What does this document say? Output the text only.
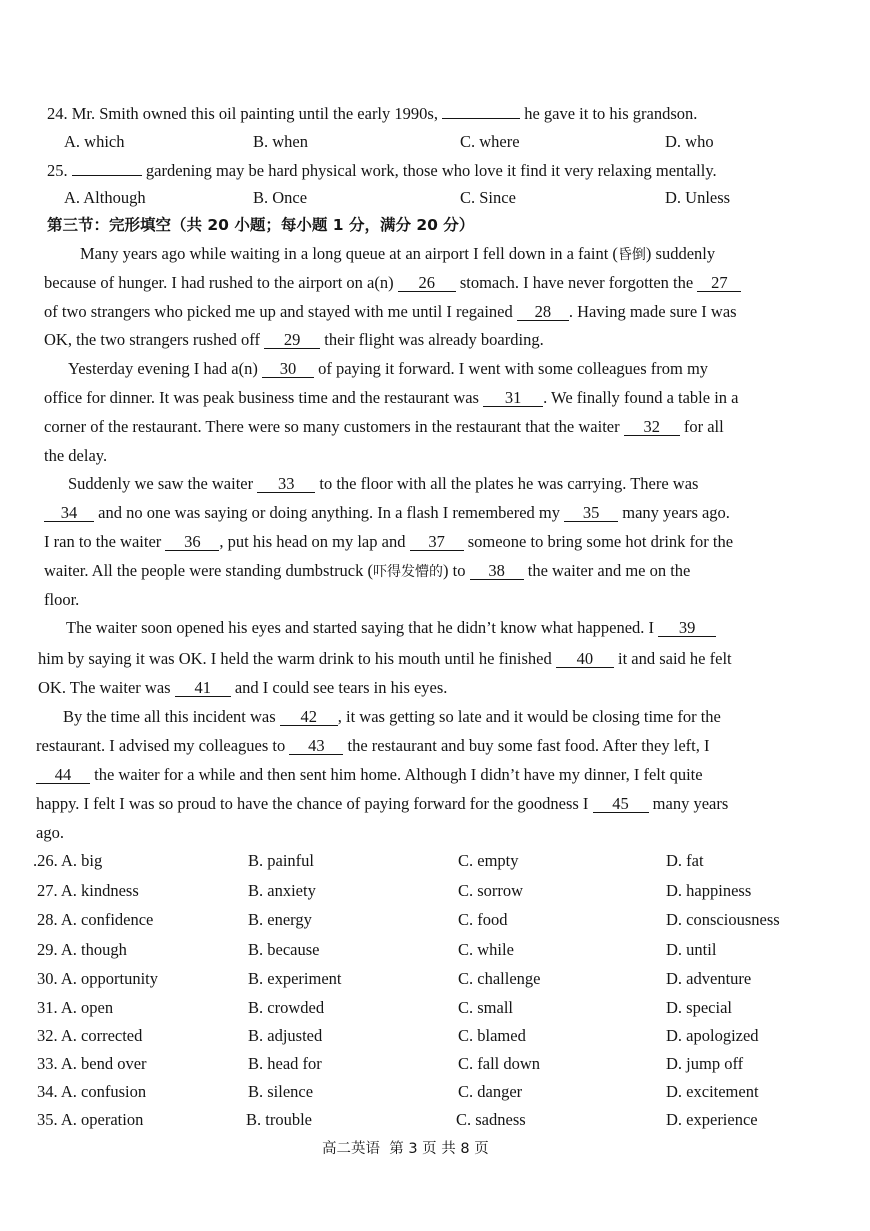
24. Mr. Smith owned this oil painting until the early 1990s,	he gave it to his grandson.
A. which	B. when	C. where	D. who
25.	gardening may be hard physical work, those who love it find it very relaxing mentally.
A. Although	B. Once	C. Since	D. Unless
第三节：完形填空（共 20 小题；每小题 1 分，满分 20 分）
Many years ago while waiting in a long queue at an airport I fell down in a faint (昏倒) suddenly
because of hunger. I had rushed to the airport on a(n) 26 stomach. I have never forgotten the 27
of two strangers who picked me up and stayed with me until I regained 28 . Having made sure I was
OK, the two strangers rushed off 29 their flight was already boarding.
Yesterday evening I had a(n) 30 of paying it forward. I went with some colleagues from my
office for dinner. It was peak business time and the restaurant was 31 . We finally found a table in a
corner of the restaurant. There were so many customers in the restaurant that the waiter 32 for all
the delay.
Suddenly we saw the waiter 33 to the floor with all the plates he was carrying. There was
34 and no one was saying or doing anything. In a flash I remembered my 35 many years ago.
I ran to the waiter 36 , put his head on my lap and 37 someone to bring some hot drink for the
waiter. All the people were standing dumbstruck (吓得发懵的) to 38 the waiter and me on the
floor.
The waiter soon opened his eyes and started saying that he didn’t know what happened. I 39
him by saying it was OK. I held the warm drink to his mouth until he finished 40 it and said he felt
OK. The waiter was 41 and I could see tears in his eyes.
By the time all this incident was 42 , it was getting so late and it would be closing time for the
restaurant. I advised my colleagues to 43 the restaurant and buy some fast food. After they left, I
44 the waiter for a while and then sent him home. Although I didn’t have my dinner, I felt quite
happy. I felt I was so proud to have the chance of paying forward for the goodness I 45 many years
ago.
.26. A. big	B. painful	C. empty	D. fat
27. A. kindness	B. anxiety	C. sorrow	D. happiness
28. A. confidence	B. energy	C. food	D. consciousness
29. A. though	B. because	C. while	D. until
30. A. opportunity	B. experiment	C. challenge	D. adventure
31. A. open	B. crowded	C. small	D. special
32. A. corrected	B. adjusted	C. blamed	D. apologized
33. A. bend over	B. head for	C. fall down	D. jump off
34. A. confusion	B. silence	C. danger	D. excitement
35. A. operation	B. trouble	C. sadness	D. experience
高二英语  第 3 页 共 8 页
